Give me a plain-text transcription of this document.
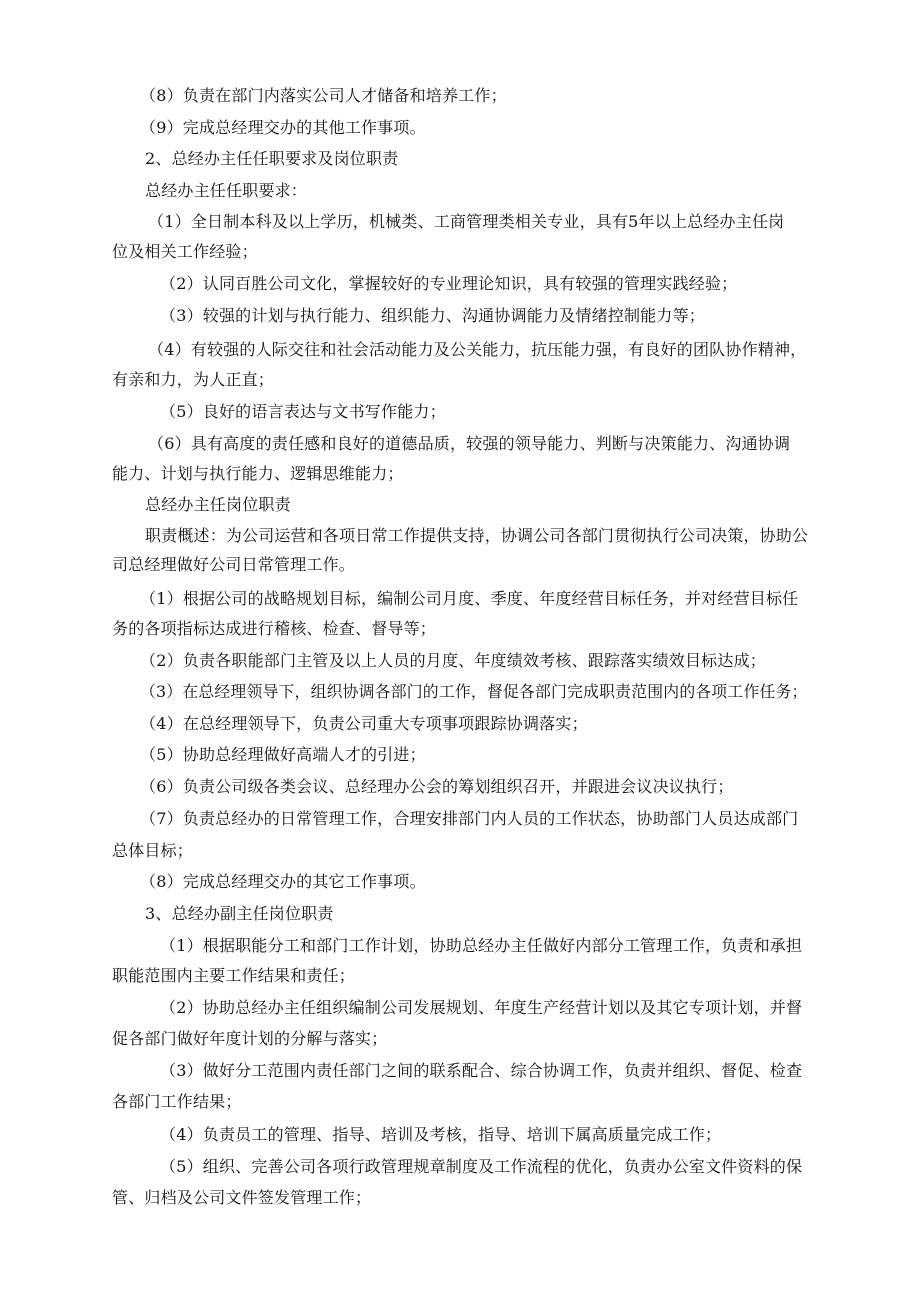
（8）负责在部门内落实公司人才储备和培养工作；
（9）完成总经理交办的其他工作事项。
2、总经办主任任职要求及岗位职责
总经办主任任职要求：
（1）全日制本科及以上学历，机械类、工商管理类相关专业，具有5年以上总经办主任岗
位及相关工作经验；
（2）认同百胜公司文化，掌握较好的专业理论知识，具有较强的管理实践经验；
（3）较强的计划与执行能力、组织能力、沟通协调能力及情绪控制能力等；
（4）有较强的人际交往和社会活动能力及公关能力，抗压能力强，有良好的团队协作精神，
有亲和力，为人正直；
（5）良好的语言表达与文书写作能力；
（6）具有高度的责任感和良好的道德品质，较强的领导能力、判断与决策能力、沟通协调
能力、计划与执行能力、逻辑思维能力；
总经办主任岗位职责
职责概述：为公司运营和各项日常工作提供支持，协调公司各部门贯彻执行公司决策，协助公
司总经理做好公司日常管理工作。
（1）根据公司的战略规划目标，编制公司月度、季度、年度经营目标任务，并对经营目标任
务的各项指标达成进行稽核、检查、督导等；
（2）负责各职能部门主管及以上人员的月度、年度绩效考核、跟踪落实绩效目标达成；
（3）在总经理领导下，组织协调各部门的工作，督促各部门完成职责范围内的各项工作任务；
（4）在总经理领导下，负责公司重大专项事项跟踪协调落实；
（5）协助总经理做好高端人才的引进；
（6）负责公司级各类会议、总经理办公会的筹划组织召开，并跟进会议决议执行；
（7）负责总经办的日常管理工作，合理安排部门内人员的工作状态，协助部门人员达成部门
总体目标；
（8）完成总经理交办的其它工作事项。
3、总经办副主任岗位职责
（1）根据职能分工和部门工作计划，协助总经办主任做好内部分工管理工作，负责和承担
职能范围内主要工作结果和责任；
（2）协助总经办主任组织编制公司发展规划、年度生产经营计划以及其它专项计划，并督
促各部门做好年度计划的分解与落实；
（3）做好分工范围内责任部门之间的联系配合、综合协调工作，负责并组织、督促、检查
各部门工作结果；
（4）负责员工的管理、指导、培训及考核，指导、培训下属高质量完成工作；
（5）组织、完善公司各项行政管理规章制度及工作流程的优化，负责办公室文件资料的保
管、归档及公司文件签发管理工作；
